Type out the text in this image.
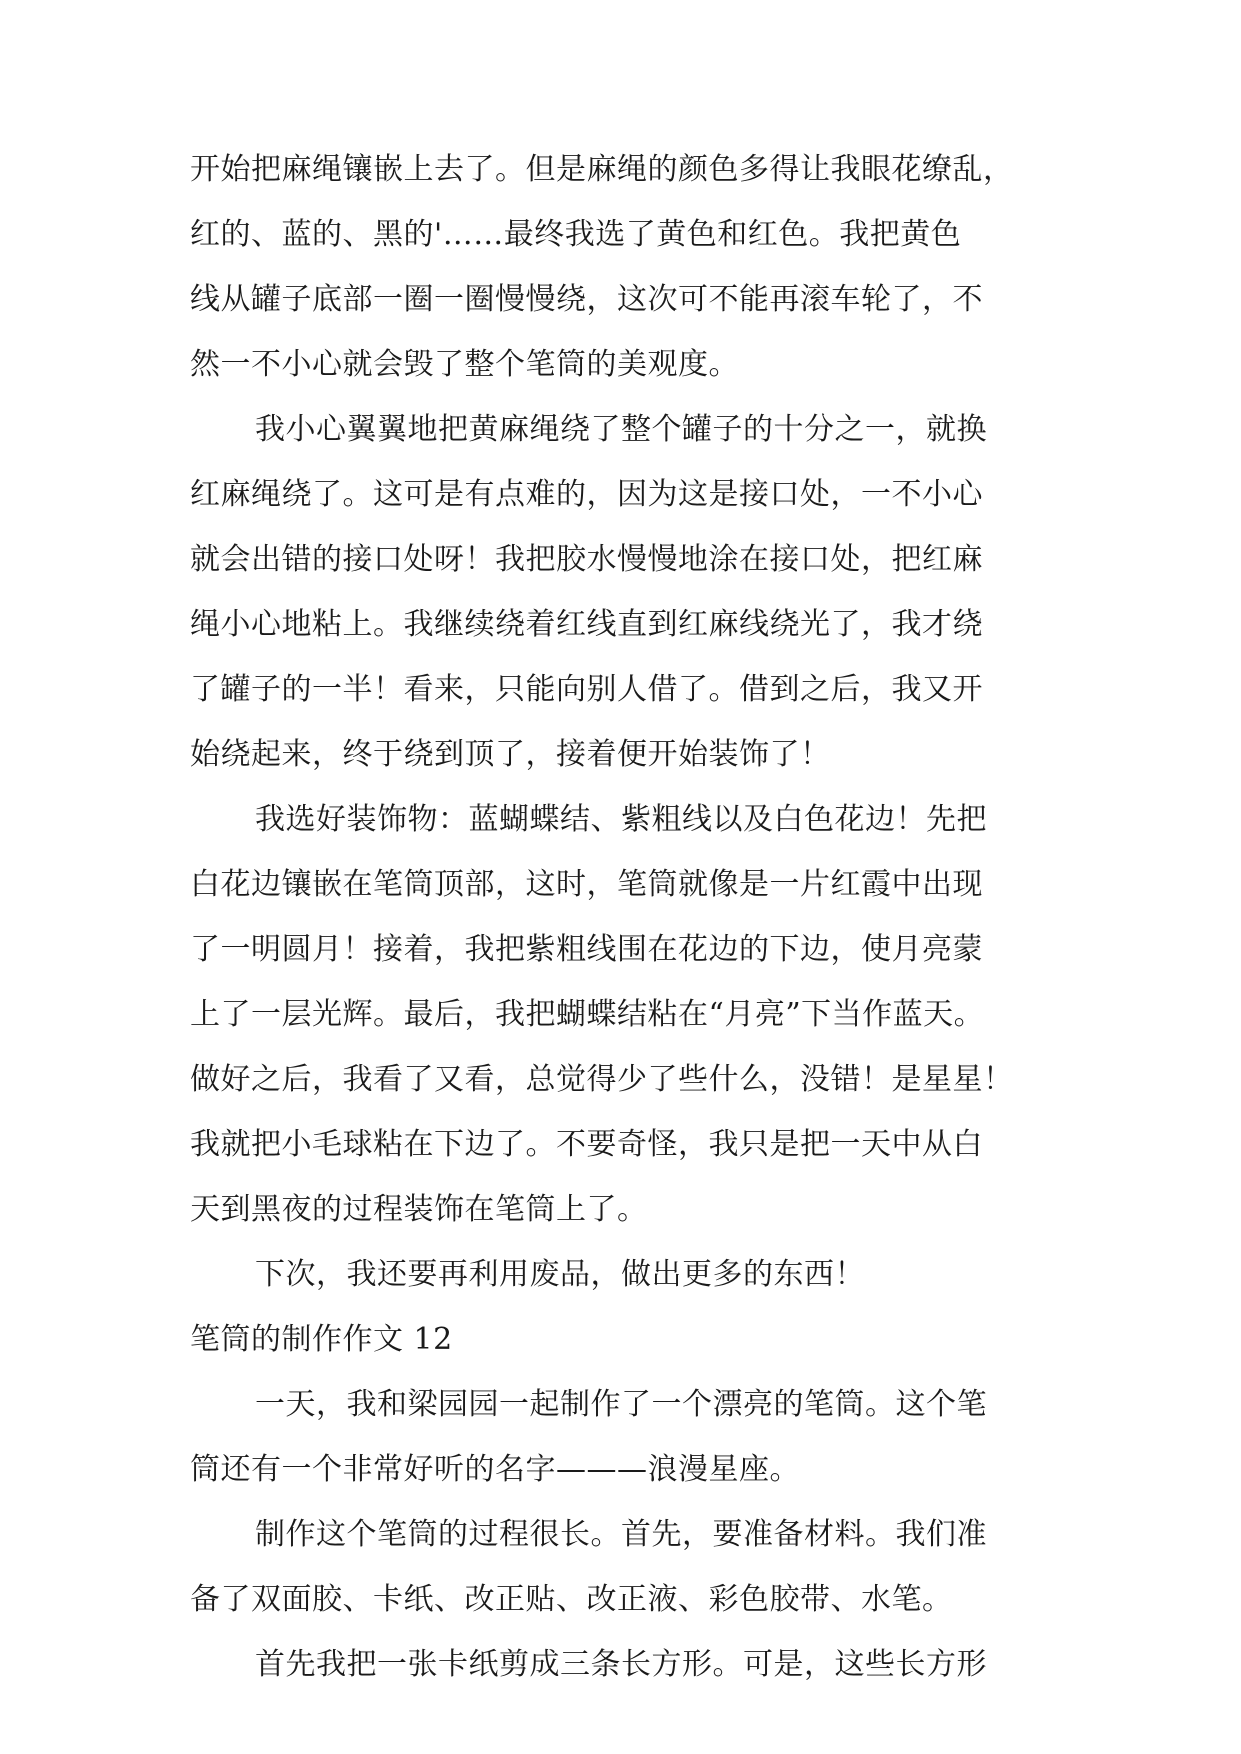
开始把麻绳镶嵌上去了。但是麻绳的颜色多得让我眼花缭乱，
红的、蓝的、黑的'……最终我选了黄色和红色。我把黄色
线从罐子底部一圈一圈慢慢绕，这次可不能再滚车轮了，不
然一不小心就会毁了整个笔筒的美观度。
我小心翼翼地把黄麻绳绕了整个罐子的十分之一，就换
红麻绳绕了。这可是有点难的，因为这是接口处，一不小心
就会出错的接口处呀！我把胶水慢慢地涂在接口处，把红麻
绳小心地粘上。我继续绕着红线直到红麻线绕光了，我才绕
了罐子的一半！看来，只能向别人借了。借到之后，我又开
始绕起来，终于绕到顶了，接着便开始装饰了！
我选好装饰物：蓝蝴蝶结、紫粗线以及白色花边！先把
白花边镶嵌在笔筒顶部，这时，笔筒就像是一片红霞中出现
了一明圆月！接着，我把紫粗线围在花边的下边，使月亮蒙
上了一层光辉。最后，我把蝴蝶结粘在“月亮”下当作蓝天。
做好之后，我看了又看，总觉得少了些什么，没错！是星星！
我就把小毛球粘在下边了。不要奇怪，我只是把一天中从白
天到黑夜的过程装饰在笔筒上了。
下次，我还要再利用废品，做出更多的东西！
笔筒的制作作文 12
一天，我和梁园园一起制作了一个漂亮的笔筒。这个笔
筒还有一个非常好听的名字———浪漫星座。
制作这个笔筒的过程很长。首先，要准备材料。我们准
备了双面胶、卡纸、改正贴、改正液、彩色胶带、水笔。
首先我把一张卡纸剪成三条长方形。可是，这些长方形
